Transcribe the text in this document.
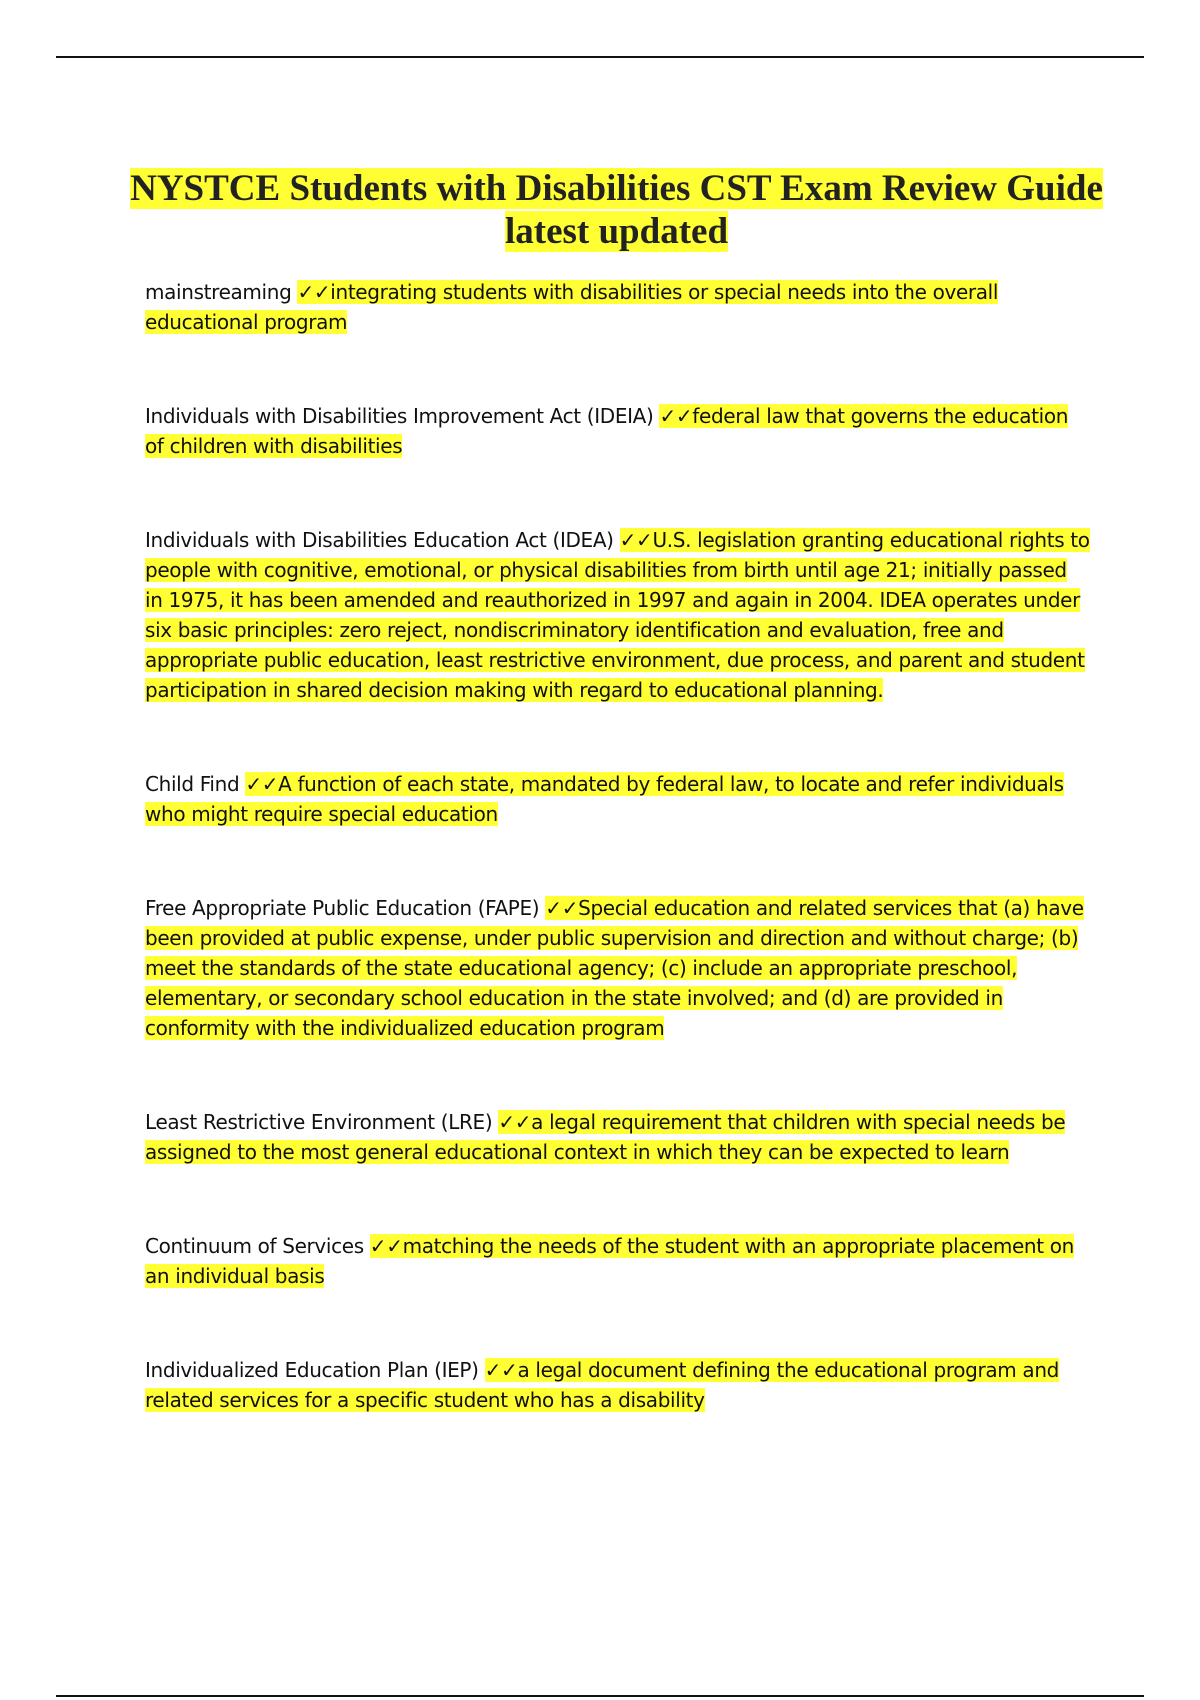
NYSTCE Students with Disabilities CST Exam Review Guide latest updated

mainstreaming ✓✓integrating students with disabilities or special needs into the overall educational program

Individuals with Disabilities Improvement Act (IDEIA) ✓✓federal law that governs the education of children with disabilities

Individuals with Disabilities Education Act (IDEA) ✓✓U.S. legislation granting educational rights to people with cognitive, emotional, or physical disabilities from birth until age 21; initially passed in 1975, it has been amended and reauthorized in 1997 and again in 2004. IDEA operates under six basic principles: zero reject, nondiscriminatory identification and evaluation, free and appropriate public education, least restrictive environment, due process, and parent and student participation in shared decision making with regard to educational planning.

Child Find ✓✓A function of each state, mandated by federal law, to locate and refer individuals who might require special education

Free Appropriate Public Education (FAPE) ✓✓Special education and related services that (a) have been provided at public expense, under public supervision and direction and without charge; (b) meet the standards of the state educational agency; (c) include an appropriate preschool, elementary, or secondary school education in the state involved; and (d) are provided in conformity with the individualized education program

Least Restrictive Environment (LRE) ✓✓a legal requirement that children with special needs be assigned to the most general educational context in which they can be expected to learn

Continuum of Services ✓✓matching the needs of the student with an appropriate placement on an individual basis

Individualized Education Plan (IEP) ✓✓a legal document defining the educational program and related services for a specific student who has a disability
